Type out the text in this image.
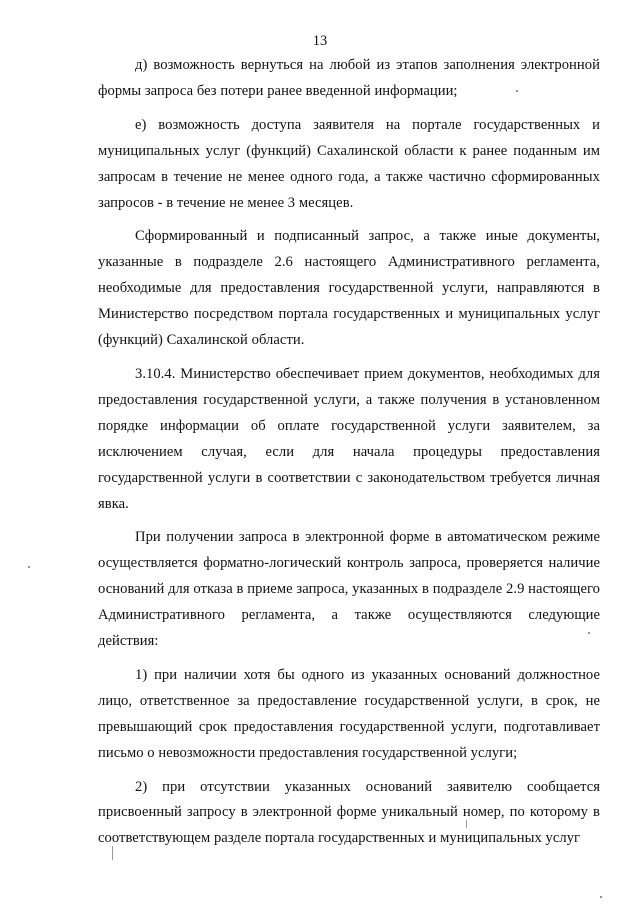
13

д) возможность вернуться на любой из этапов заполнения электронной формы запроса без потери ранее введенной информации;

е) возможность доступа заявителя на портале государственных и муниципальных услуг (функций) Сахалинской области к ранее поданным им запросам в течение не менее одного года, а также частично сформированных запросов - в течение не менее 3 месяцев.

Сформированный и подписанный запрос, а также иные документы, указанные в подразделе 2.6 настоящего Административного регламента, необходимые для предоставления государственной услуги, направляются в Министерство посредством портала государственных и муниципальных услуг (функций) Сахалинской области.

3.10.4. Министерство обеспечивает прием документов, необходимых для предоставления государственной услуги, а также получения в установленном порядке информации об оплате государственной услуги заявителем, за исключением случая, если для начала процедуры предоставления государственной услуги в соответствии с законодательством требуется личная явка.

При получении запроса в электронной форме в автоматическом режиме осуществляется форматно-логический контроль запроса, проверяется наличие оснований для отказа в приеме запроса, указанных в подразделе 2.9 настоящего Административного регламента, а также осуществляются следующие действия:

1) при наличии хотя бы одного из указанных оснований должностное лицо, ответственное за предоставление государственной услуги, в срок, не превышающий срок предоставления государственной услуги, подготавливает письмо о невозможности предоставления государственной услуги;

2) при отсутствии указанных оснований заявителю сообщается присвоенный запросу в электронной форме уникальный номер, по которому в соответствующем разделе портала государственных и муниципальных услуг
